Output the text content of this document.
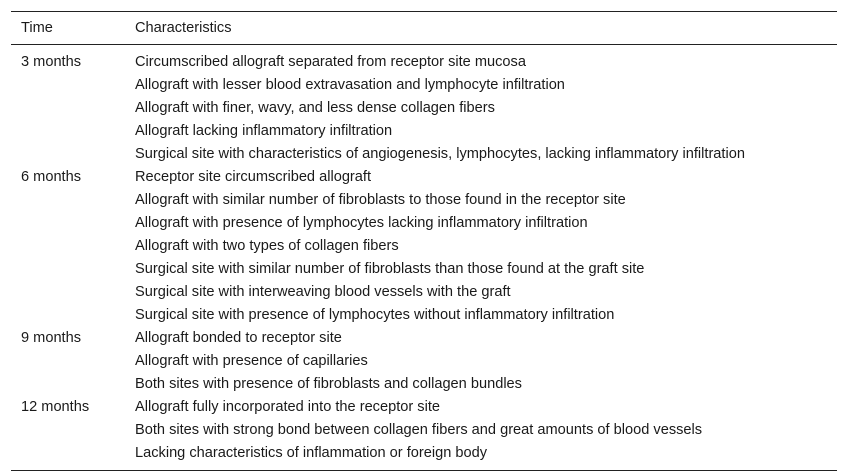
Time	Characteristics
3 months	Circumscribed allograft separated from receptor site mucosa
	Allograft with lesser blood extravasation and lymphocyte infiltration
	Allograft with finer, wavy, and less dense collagen fibers
	Allograft lacking inflammatory infiltration
	Surgical site with characteristics of angiogenesis, lymphocytes, lacking inflammatory infiltration
6 months	Receptor site circumscribed allograft
	Allograft with similar number of fibroblasts to those found in the receptor site
	Allograft with presence of lymphocytes lacking inflammatory infiltration
	Allograft with two types of collagen fibers
	Surgical site with similar number of fibroblasts than those found at the graft site
	Surgical site with interweaving blood vessels with the graft
	Surgical site with presence of lymphocytes without inflammatory infiltration
9 months	Allograft bonded to receptor site
	Allograft with presence of capillaries
	Both sites with presence of fibroblasts and collagen bundles
12 months	Allograft fully incorporated into the receptor site
	Both sites with strong bond between collagen fibers and great amounts of blood vessels
	Lacking characteristics of inflammation or foreign body
